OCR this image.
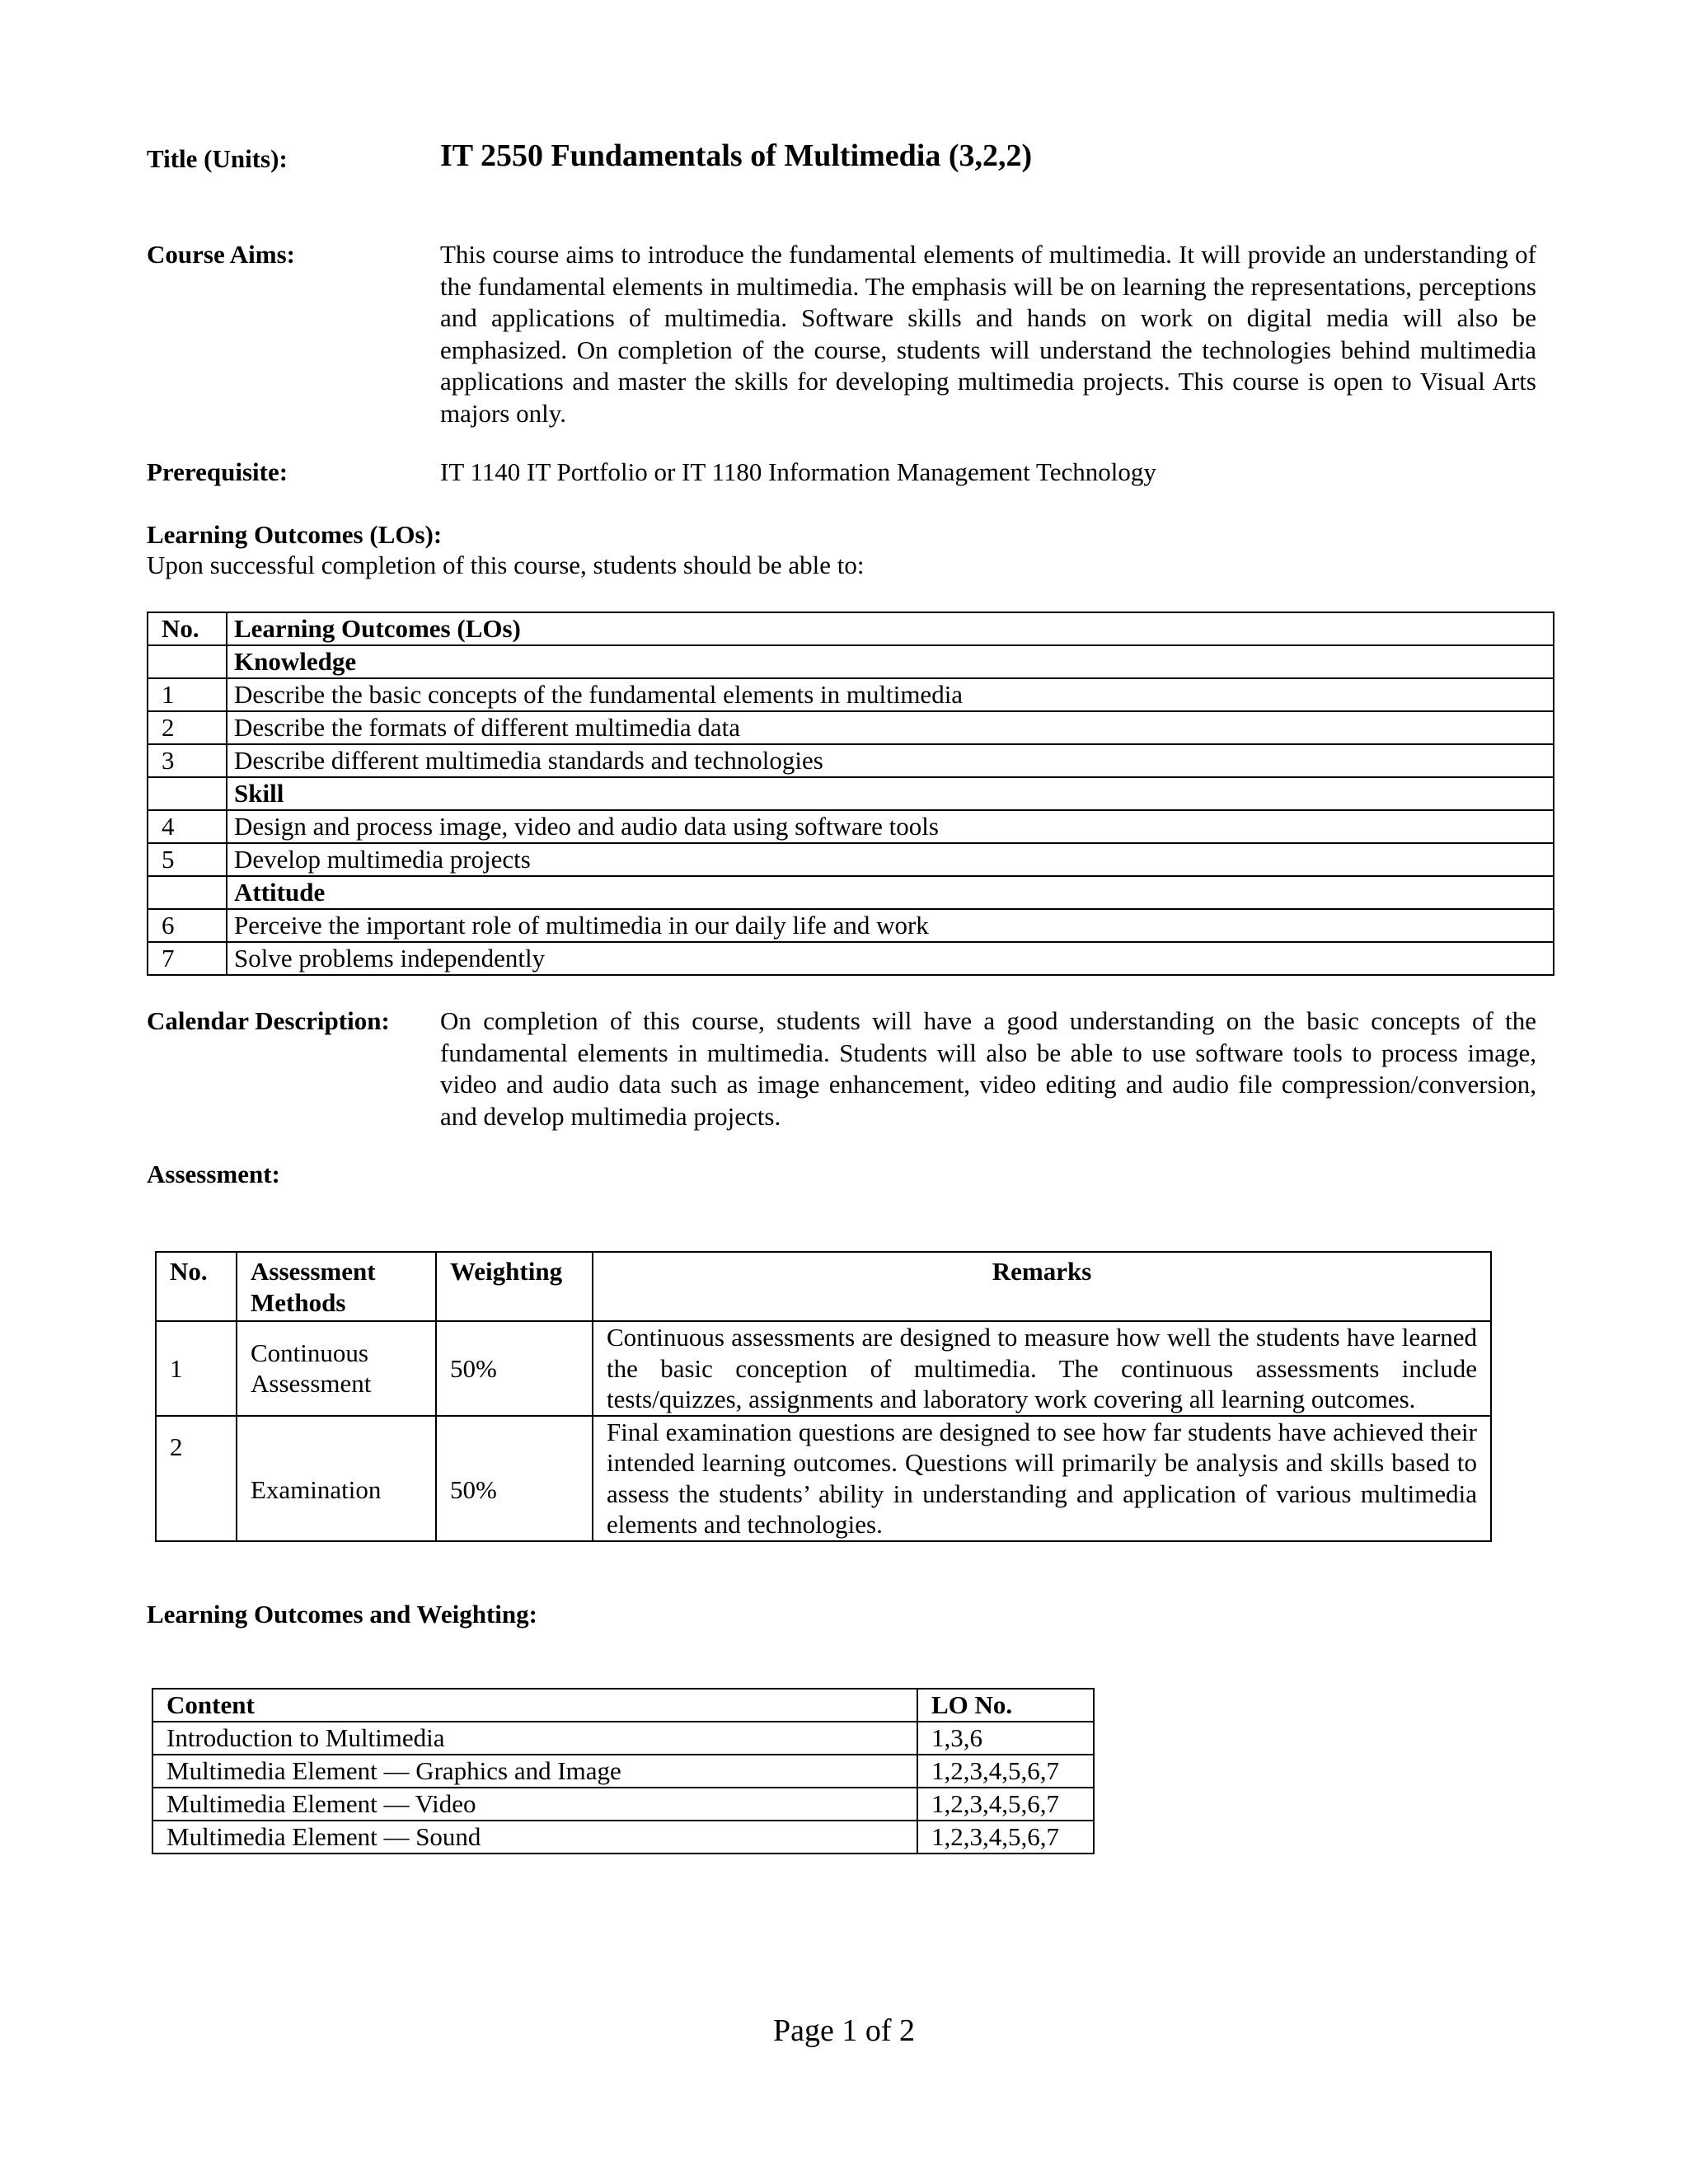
Title (Units):	IT 2550 Fundamentals of Multimedia (3,2,2)
Course Aims:	This course aims to introduce the fundamental elements of multimedia. It will provide an understanding of the fundamental elements in multimedia. The emphasis will be on learning the representations, perceptions and applications of multimedia. Software skills and hands on work on digital media will also be emphasized. On completion of the course, students will understand the technologies behind multimedia applications and master the skills for developing multimedia projects. This course is open to Visual Arts majors only.
Prerequisite:	IT 1140 IT Portfolio or IT 1180 Information Management Technology
Learning Outcomes (LOs):
Upon successful completion of this course, students should be able to:
No.	Learning Outcomes (LOs)
	Knowledge
1	Describe the basic concepts of the fundamental elements in multimedia
2	Describe the formats of different multimedia data
3	Describe different multimedia standards and technologies
	Skill
4	Design and process image, video and audio data using software tools
5	Develop multimedia projects
	Attitude
6	Perceive the important role of multimedia in our daily life and work
7	Solve problems independently
Calendar Description: On completion of this course, students will have a good understanding on the basic concepts of the fundamental elements in multimedia. Students will also be able to use software tools to process image, video and audio data such as image enhancement, video editing and audio file compression/conversion, and develop multimedia projects.
Assessment:
No.	Assessment Methods	Weighting	Remarks
1	Continuous Assessment	50%	Continuous assessments are designed to measure how well the students have learned the basic conception of multimedia. The continuous assessments include tests/quizzes, assignments and laboratory work covering all learning outcomes.
2	Examination	50%	Final examination questions are designed to see how far students have achieved their intended learning outcomes. Questions will primarily be analysis and skills based to assess the students’ ability in understanding and application of various multimedia elements and technologies.
Learning Outcomes and Weighting:
Content	LO No.
Introduction to Multimedia	1,3,6
Multimedia Element — Graphics and Image	1,2,3,4,5,6,7
Multimedia Element — Video	1,2,3,4,5,6,7
Multimedia Element — Sound	1,2,3,4,5,6,7
Page 1 of 2
